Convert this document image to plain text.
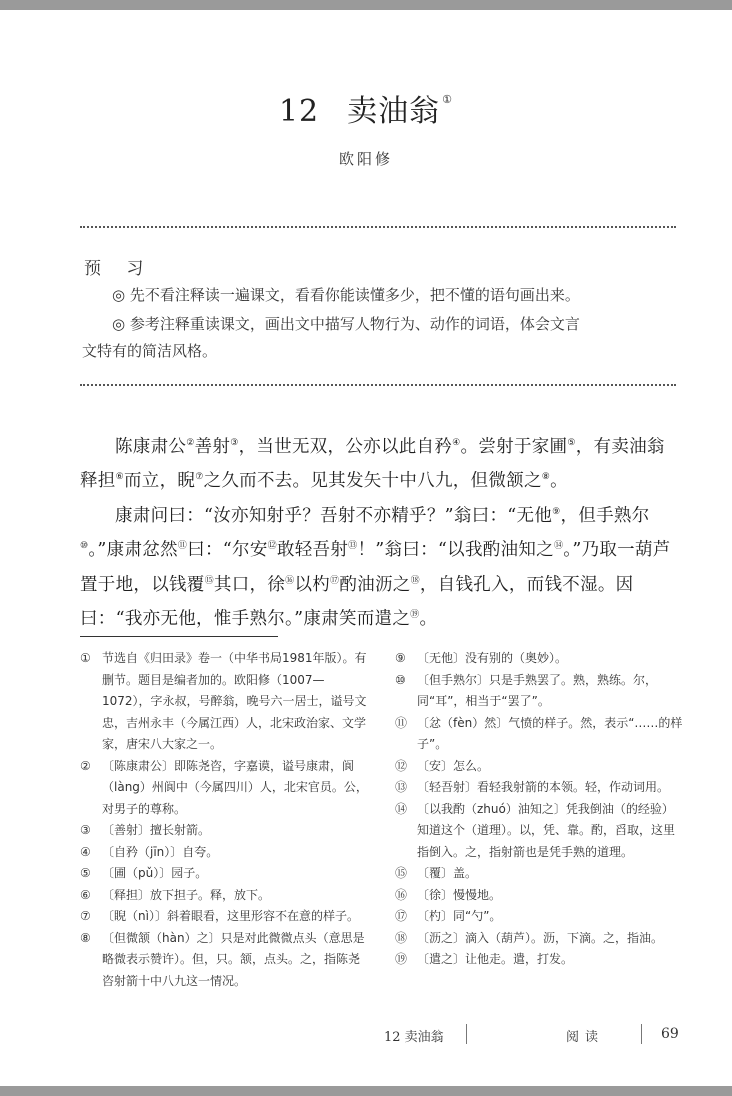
12 卖油翁 ①
欧阳修
预 习
◎ 先不看注释读一遍课文，看看你能读懂多少，把不懂的语句画出来。
◎ 参考注释重读课文，画出文中描写人物行为、动作的词语，体会文言
文特有的简洁风格。

陈康肃公②善射③，当世无双，公亦以此自矜④。尝射于家圃⑤，有卖油翁释担⑥而立，睨⑦之久而不去。见其发矢十中八九，但微颔之⑧。

康肃问曰：“汝亦知射乎？吾射不亦精乎？”翁曰：“无他⑨，但手熟尔⑩。”康肃忿然⑪曰：“尔安⑫敢轻吾射⑬！”翁曰：“以我酌油知之⑭。”乃取一葫芦置于地，以钱覆⑮其口，徐⑯以杓⑰酌油沥之⑱，自钱孔入，而钱不湿。因曰：“我亦无他，惟手熟尔。”康肃笑而遣之⑲。

① 节选自《归田录》卷一（中华书局1981年版）。有删节。题目是编者加的。欧阳修（1007—1072），字永叔，号醉翁，晚号六一居士，谥号文忠，吉州永丰（今属江西）人，北宋政治家、文学家，唐宋八大家之一。
② 〔陈康肃公〕即陈尧咨，字嘉谟，谥号康肃，阆（làng）州阆中（今属四川）人，北宋官员。公，对男子的尊称。
③ 〔善射〕擅长射箭。
④ 〔自矜（jīn）〕自夸。
⑤ 〔圃（pǔ）〕园子。
⑥ 〔释担〕放下担子。释，放下。
⑦ 〔睨（nì）〕斜着眼看，这里形容不在意的样子。
⑧ 〔但微颔（hàn）之〕只是对此微微点头（意思是略微表示赞许）。但，只。颔，点头。之，指陈尧咨射箭十中八九这一情况。
⑨ 〔无他〕没有别的（奥妙）。
⑩ 〔但手熟尔〕只是手熟罢了。熟，熟练。尔，同“耳”，相当于“罢了”。
⑪ 〔忿（fèn）然〕气愤的样子。然，表示“……的样子”。
⑫ 〔安〕怎么。
⑬ 〔轻吾射〕看轻我射箭的本领。轻，作动词用。
⑭ 〔以我酌（zhuó）油知之〕凭我倒油（的经验）知道这个（道理）。以，凭、靠。酌，舀取，这里指倒入。之，指射箭也是凭手熟的道理。
⑮ 〔覆〕盖。
⑯ 〔徐〕慢慢地。
⑰ 〔杓〕同“勺”。
⑱ 〔沥之〕滴入（葫芦）。沥，下滴。之，指油。
⑲ 〔遣之〕让他走。遣，打发。
12 卖油翁	阅读	69
